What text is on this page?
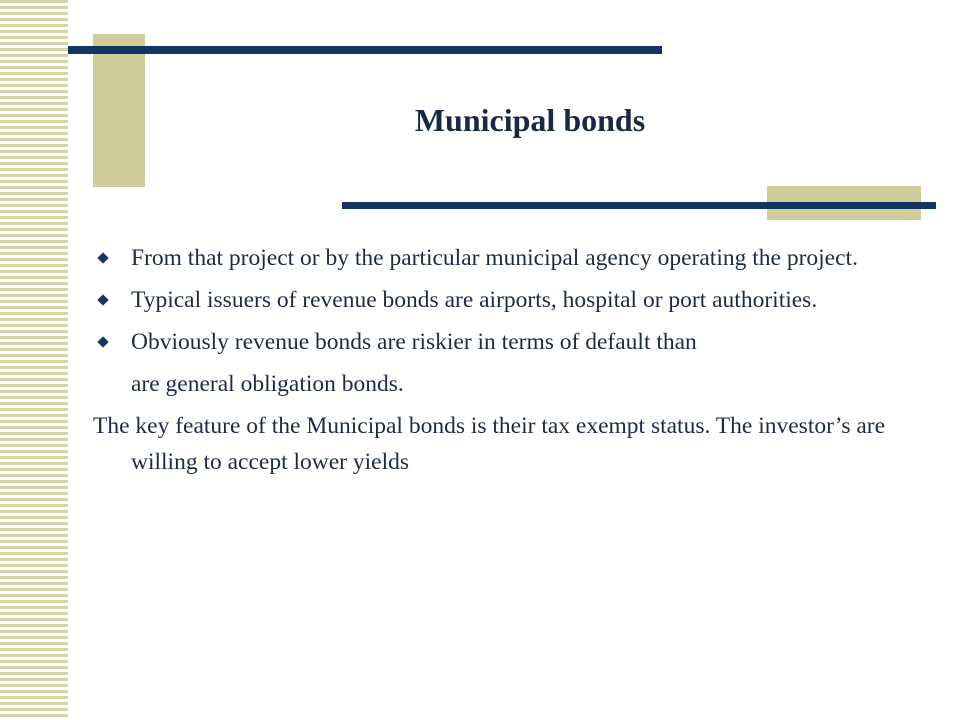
Municipal bonds
From that project or by the particular municipal agency operating the project.
Typical issuers of revenue bonds are airports, hospital or port authorities.
Obviously revenue bonds are riskier in terms of default than
are general obligation bonds.
The key feature of the Municipal bonds is their tax exempt status. The investor’s are willing to accept lower yields
